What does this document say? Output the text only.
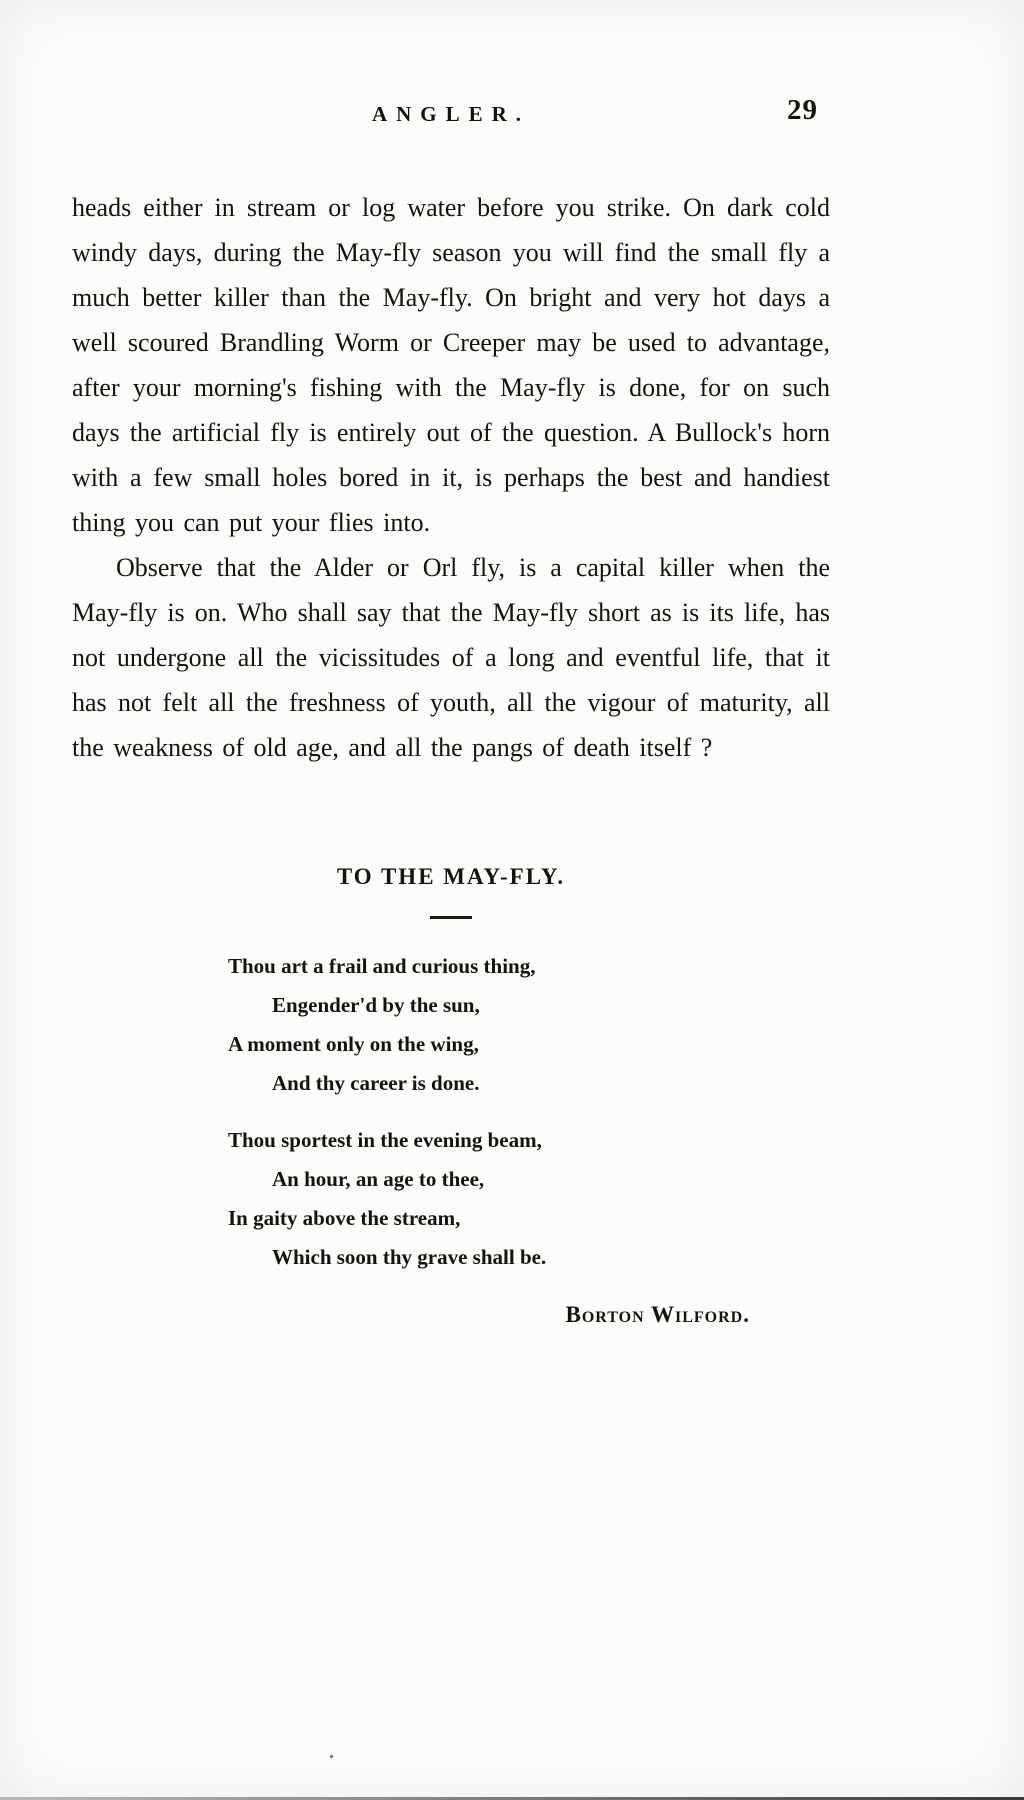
ANGLER.	29

heads either in stream or log water before you strike. On dark cold windy days, during the May-fly season you will find the small fly a much better killer than the May-fly. On bright and very hot days a well scoured Brandling Worm or Creeper may be used to advantage, after your morning's fishing with the May-fly is done, for on such days the artificial fly is entirely out of the question. A Bullock's horn with a few small holes bored in it, is perhaps the best and handiest thing you can put your flies into.

Observe that the Alder or Orl fly, is a capital killer when the May-fly is on. Who shall say that the May-fly short as is its life, has not undergone all the vicissitudes of a long and eventful life, that it has not felt all the freshness of youth, all the vigour of maturity, all the weakness of old age, and all the pangs of death itself ?

TO THE MAY-FLY.
Thou art a frail and curious thing,
Engender'd by the sun,
A moment only on the wing,
And thy career is done.
Thou sportest in the evening beam,
An hour, an age to thee,
In gaity above the stream,
Which soon thy grave shall be.
Borton Wilford.
